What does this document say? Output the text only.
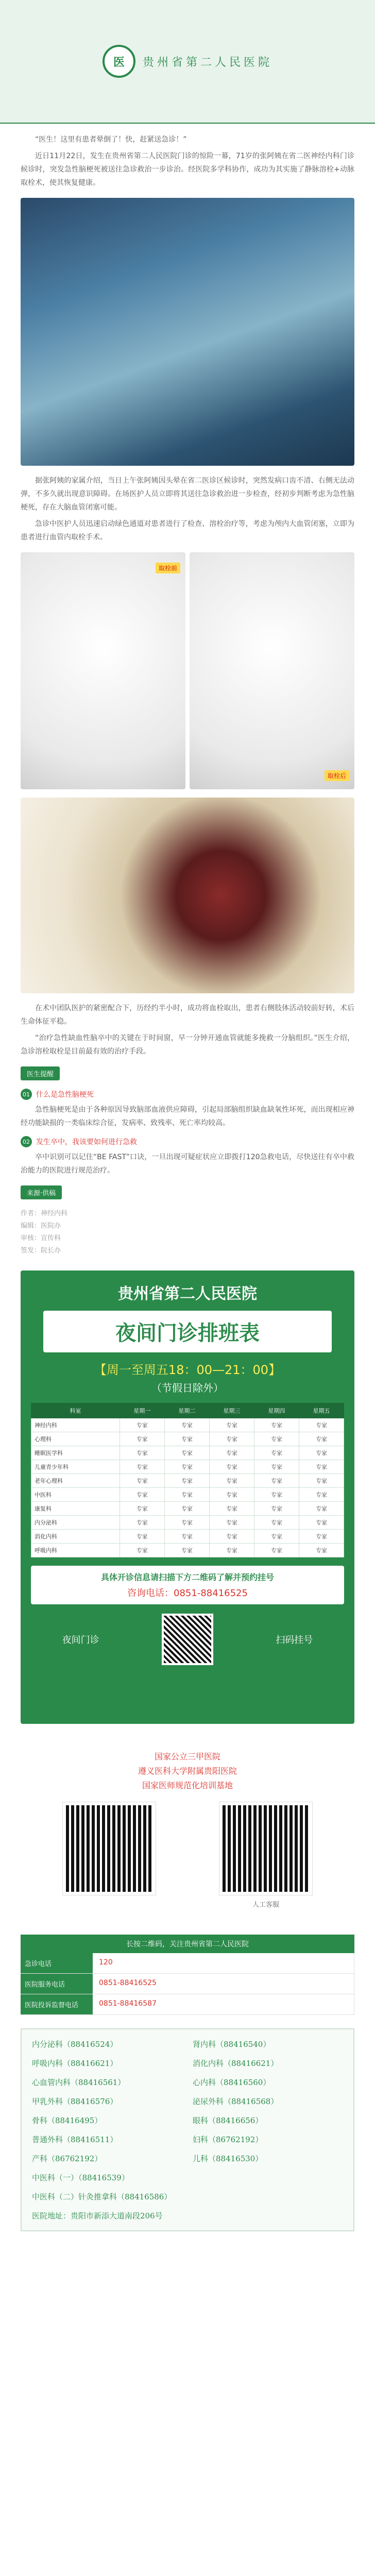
医 贵州省第二人民医院

“医生！这里有患者晕倒了！快，赶紧送急诊！”

近日11月22日，发生在贵州省第二人民医院门诊的惊险一幕，71岁的张阿姨在省二医神经内科门诊候诊时，突发急性脑梗死被送往急诊救治一步诊治。经医院多学科协作，成功为其实施了静脉溶栓+动脉取栓术，使其恢复健康。

据张阿姨的家属介绍，当日上午张阿姨因头晕在省二医诊区候诊时，突然发病口齿不清、右侧无法动弹，不多久就出现意识障碍。在场医护人员立即将其送往急诊救治进一步检查，经初步判断考虑为急性脑梗死，存在大脑血管闭塞可能。

急诊中医护人员迅速启动绿色通道对患者进行了检查、溶栓治疗等，考虑为颅内大血管闭塞，立即为患者进行血管内取栓手术。

取栓前
取栓后

在术中团队医护的紧密配合下，历经约半小时，成功将血栓取出，患者右侧肢体活动较前好转，术后生命体征平稳。

“治疗急性缺血性脑卒中的关键在于时间窗，早一分钟开通血管就能多挽救一分脑组织。”医生介绍，急诊溶栓取栓是目前最有效的治疗手段。

医生提醒
01 什么是急性脑梗死

急性脑梗死是由于各种原因导致脑部血液供应障碍，引起局部脑组织缺血缺氧性坏死，而出现相应神经功能缺损的一类临床综合征，发病率、致残率、死亡率均较高。

02 发生卒中，我该要如何进行急救

卒中识别可以记住“BE FAST”口诀，一旦出现可疑症状应立即拨打120急救电话，尽快送往有卒中救治能力的医院进行规范治疗。

来源·供稿
作者：神经内科
编辑：医院办
审核：宣传科
签发：院长办
贵州省第二人民医院
夜间门诊排班表
【周一至周五18：00—21：00】
（节假日除外）
科室	星期一	星期二	星期三	星期四	星期五
神经内科	专家	专家	专家	专家	专家
心理科	专家	专家	专家	专家	专家
睡眠医学科	专家	专家	专家	专家	专家
儿童青少年科	专家	专家	专家	专家	专家
老年心理科	专家	专家	专家	专家	专家
中医科	专家	专家	专家	专家	专家
康复科	专家	专家	专家	专家	专家
内分泌科	专家	专家	专家	专家	专家
消化内科	专家	专家	专家	专家	专家
呼吸内科	专家	专家	专家	专家	专家
具体开诊信息请扫描下方二维码了解并预约挂号
咨询电话：0851-88416525
夜间门诊	扫码挂号
国家公立三甲医院
遵义医科大学附属贵阳医院
国家医师规范化培训基地
人工客服
长按二维码，关注贵州省第二人民医院
急诊电话	120
医院服务电话	0851-88416525
医院投诉监督电话	0851-88416587
内分泌科（88416524）	肾内科（88416540）
呼吸内科（88416621）	消化内科（88416621）
心血管内科（88416561）	心内科（88416560）
甲乳外科（88416576）	泌尿外科（88416568）
骨科（88416495）	眼科（88416656）
普通外科（88416511）	妇科（86762192）
产科（86762192）	儿科（88416530）
中医科（一）（88416539）
中医科（二）针灸推拿科（88416586）
医院地址：贵阳市新添大道南段206号
